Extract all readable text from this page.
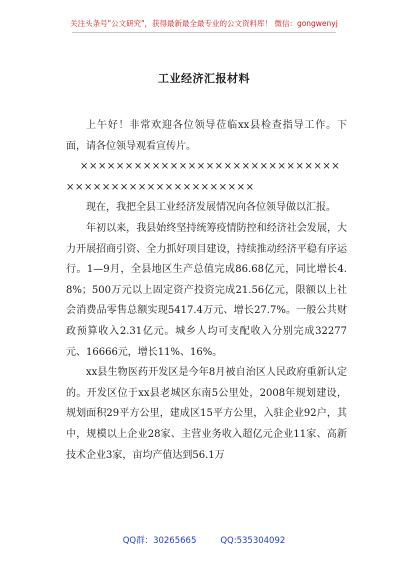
关注头条号"公文研究"，获得最新最全最专业的公文资料库！ 微信：gongwenyj
工业经济汇报材料

上午好！非常欢迎各位领导莅临xx县检查指导工作。下面，请各位领导观看宣传片。

××××××××××××××××××××××××××××××××××××××××××××××××××

现在，我把全县工业经济发展情况向各位领导做以汇报。

年初以来，我县始终坚持统筹疫情防控和经济社会发展，大力开展招商引资、全力抓好项目建设，持续推动经济平稳有序运行。1—9月，全县地区生产总值完成86.68亿元，同比增长4.8%；500万元以上固定资产投资完成21.56亿元，限额以上社会消费品零售总额实现5417.4万元、增长27.7%。一般公共财政预算收入2.31亿元。城乡人均可支配收入分别完成32277元、16666元，增长11%、16%。

xx县生物医药开发区是今年8月被自治区人民政府重新认定的。开发区位于xx县老城区东南5公里处，2008年规划建设，规划面积29平方公里，建成区15平方公里，入驻企业92户，其中，规模以上企业28家、主营业务收入超亿元企业11家、高新技术企业3家，亩均产值达到56.1万

QQ群：30265665	QQ:535304092
